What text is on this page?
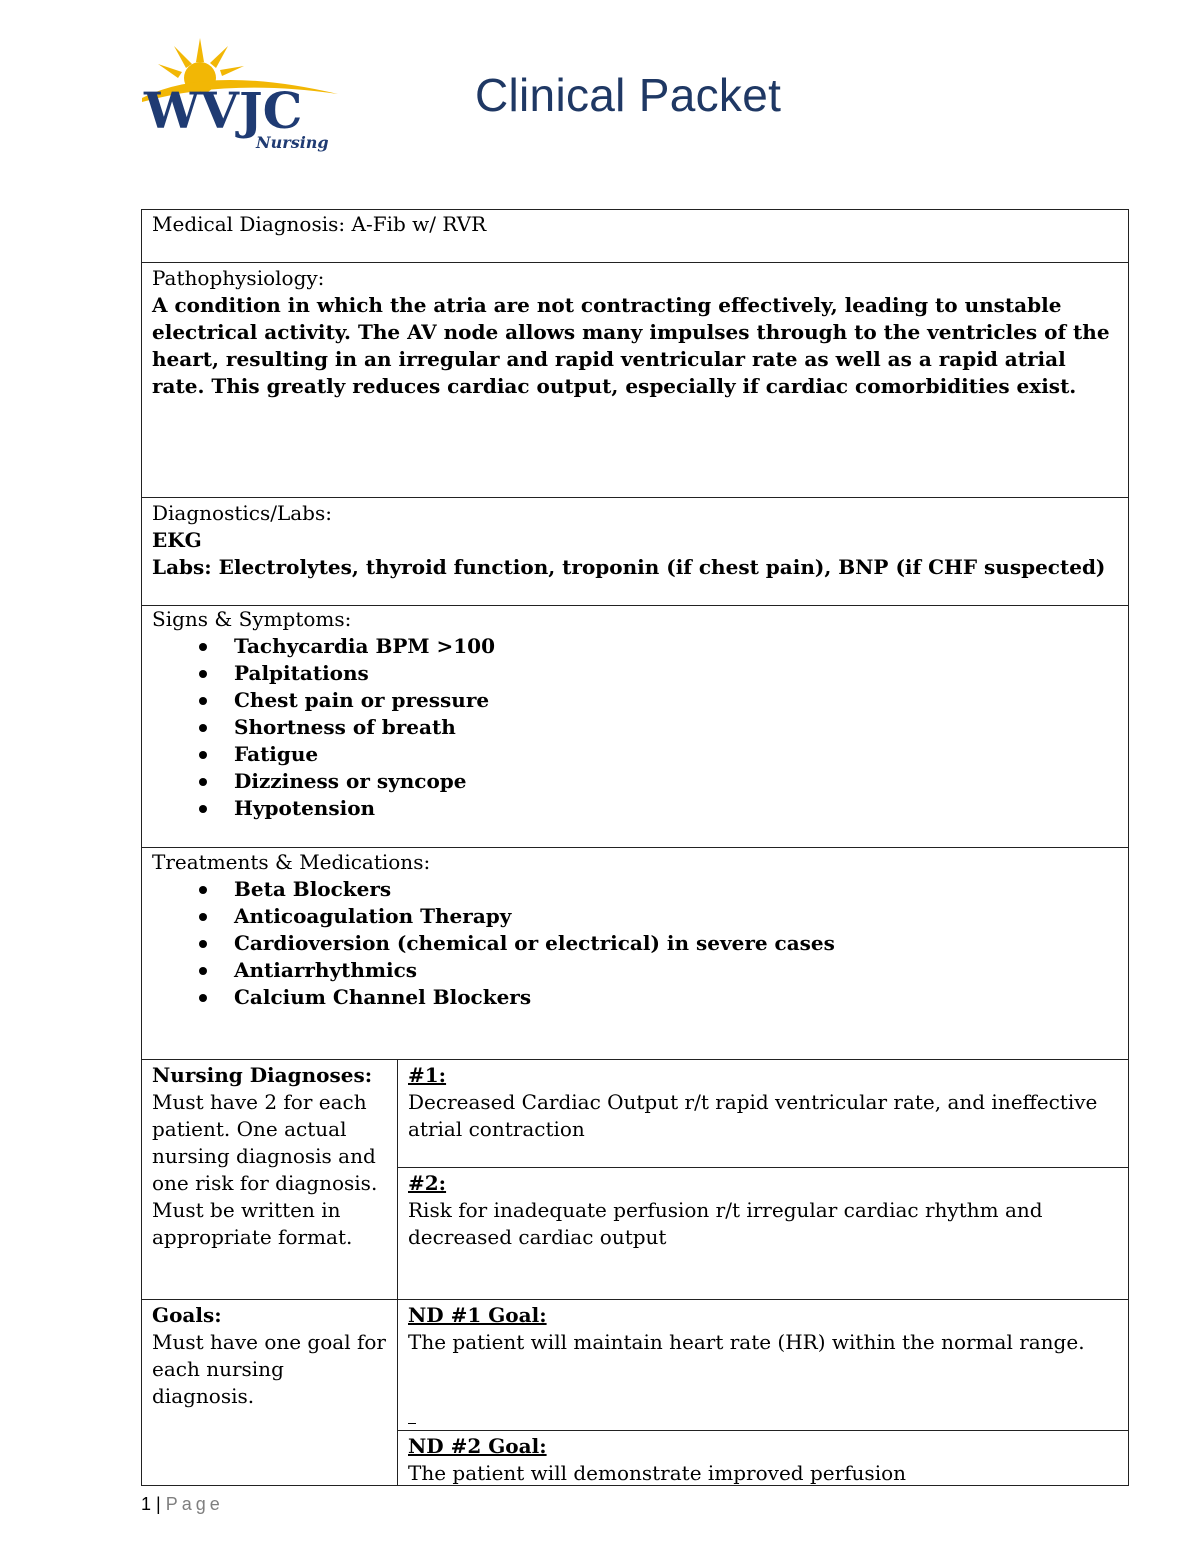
WVJC
Nursing
Clinical Packet
Medical Diagnosis: A-Fib w/ RVR
Pathophysiology:
A condition in which the atria are not contracting effectively, leading to unstable electrical activity. The AV node allows many impulses through to the ventricles of the heart, resulting in an irregular and rapid ventricular rate as well as a rapid atrial rate. This greatly reduces cardiac output, especially if cardiac comorbidities exist.
Diagnostics/Labs:
EKG
Labs: Electrolytes, thyroid function, troponin (if chest pain), BNP (if CHF suspected)
Signs & Symptoms:
Tachycardia BPM >100
Palpitations
Chest pain or pressure
Shortness of breath
Fatigue
Dizziness or syncope
Hypotension
Treatments & Medications:
Beta Blockers
Anticoagulation Therapy
Cardioversion (chemical or electrical) in severe cases
Antiarrhythmics
Calcium Channel Blockers
Nursing Diagnoses:
Must have 2 for each patient. One actual nursing diagnosis and one risk for diagnosis. Must be written in appropriate format.
#1:
Decreased Cardiac Output r/t rapid ventricular rate, and ineffective atrial contraction
#2:
Risk for inadequate perfusion r/t irregular cardiac rhythm and decreased cardiac output
Goals:
Must have one goal for each nursing diagnosis.
ND #1 Goal:
The patient will maintain heart rate (HR) within the normal range.
ND #2 Goal:
The patient will demonstrate improved perfusion
1 | Page
